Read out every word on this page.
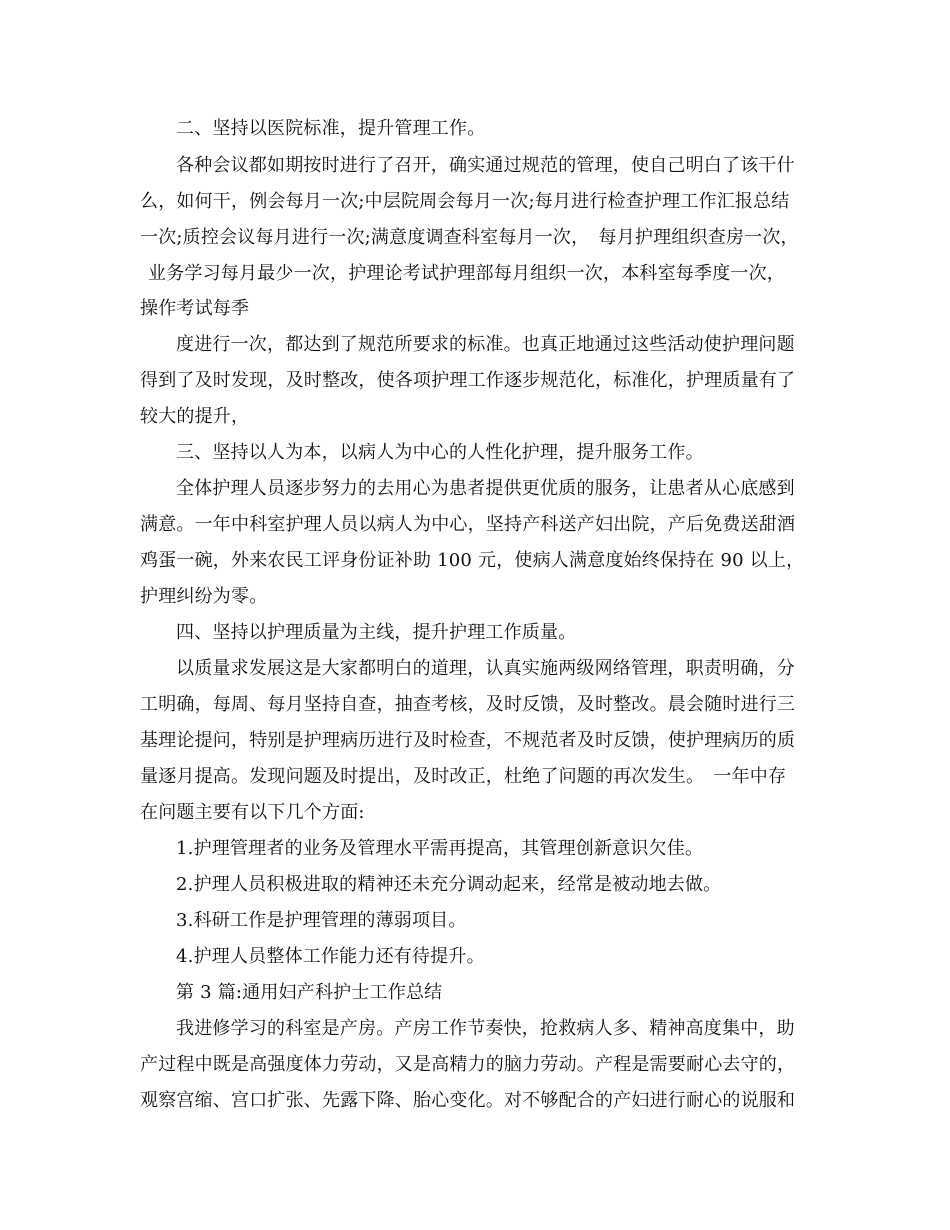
二、坚持以医院标准，提升管理工作。
各种会议都如期按时进行了召开，确实通过规范的管理，使自己明白了该干什
么，如何干，例会每月一次;中层院周会每月一次;每月进行检查护理工作汇报总结
一次;质控会议每月进行一次;满意度调查科室每月一次，　每月护理组织查房一次，
业务学习每月最少一次，护理论考试护理部每月组织一次，本科室每季度一次，
操作考试每季
度进行一次，都达到了规范所要求的标准。也真正地通过这些活动使护理问题
得到了及时发现，及时整改，使各项护理工作逐步规范化，标准化，护理质量有了
较大的提升，
三、坚持以人为本，以病人为中心的人性化护理，提升服务工作。
全体护理人员逐步努力的去用心为患者提供更优质的服务，让患者从心底感到
满意。一年中科室护理人员以病人为中心，坚持产科送产妇出院，产后免费送甜酒
鸡蛋一碗，外来农民工评身份证补助 100 元，使病人满意度始终保持在 90 以上，
护理纠纷为零。
四、坚持以护理质量为主线，提升护理工作质量。
以质量求发展这是大家都明白的道理，认真实施两级网络管理，职责明确，分
工明确，每周、每月坚持自查，抽查考核，及时反馈，及时整改。晨会随时进行三
基理论提问，特别是护理病历进行及时检查，不规范者及时反馈，使护理病历的质
量逐月提高。发现问题及时提出，及时改正，杜绝了问题的再次发生。　一年中存
在问题主要有以下几个方面:
1.护理管理者的业务及管理水平需再提高，其管理创新意识欠佳。
2.护理人员积极进取的精神还未充分调动起来，经常是被动地去做。
3.科研工作是护理管理的薄弱项目。
4.护理人员整体工作能力还有待提升。
第 3 篇:通用妇产科护士工作总结
我进修学习的科室是产房。产房工作节奏快，抢救病人多、精神高度集中，助
产过程中既是高强度体力劳动，又是高精力的脑力劳动。产程是需要耐心去守的，
观察宫缩、宫口扩张、先露下降、胎心变化。对不够配合的产妇进行耐心的说服和
